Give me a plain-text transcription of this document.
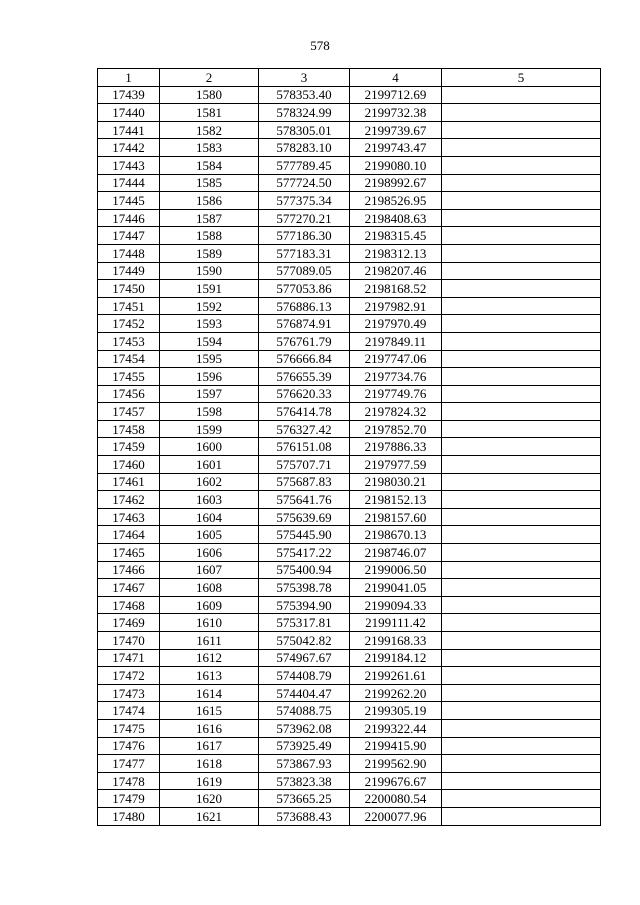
578
1	2	3	4	5
17439	1580	578353.40	2199712.69	
17440	1581	578324.99	2199732.38	
17441	1582	578305.01	2199739.67	
17442	1583	578283.10	2199743.47	
17443	1584	577789.45	2199080.10	
17444	1585	577724.50	2198992.67	
17445	1586	577375.34	2198526.95	
17446	1587	577270.21	2198408.63	
17447	1588	577186.30	2198315.45	
17448	1589	577183.31	2198312.13	
17449	1590	577089.05	2198207.46	
17450	1591	577053.86	2198168.52	
17451	1592	576886.13	2197982.91	
17452	1593	576874.91	2197970.49	
17453	1594	576761.79	2197849.11	
17454	1595	576666.84	2197747.06	
17455	1596	576655.39	2197734.76	
17456	1597	576620.33	2197749.76	
17457	1598	576414.78	2197824.32	
17458	1599	576327.42	2197852.70	
17459	1600	576151.08	2197886.33	
17460	1601	575707.71	2197977.59	
17461	1602	575687.83	2198030.21	
17462	1603	575641.76	2198152.13	
17463	1604	575639.69	2198157.60	
17464	1605	575445.90	2198670.13	
17465	1606	575417.22	2198746.07	
17466	1607	575400.94	2199006.50	
17467	1608	575398.78	2199041.05	
17468	1609	575394.90	2199094.33	
17469	1610	575317.81	2199111.42	
17470	1611	575042.82	2199168.33	
17471	1612	574967.67	2199184.12	
17472	1613	574408.79	2199261.61	
17473	1614	574404.47	2199262.20	
17474	1615	574088.75	2199305.19	
17475	1616	573962.08	2199322.44	
17476	1617	573925.49	2199415.90	
17477	1618	573867.93	2199562.90	
17478	1619	573823.38	2199676.67	
17479	1620	573665.25	2200080.54	
17480	1621	573688.43	2200077.96	
